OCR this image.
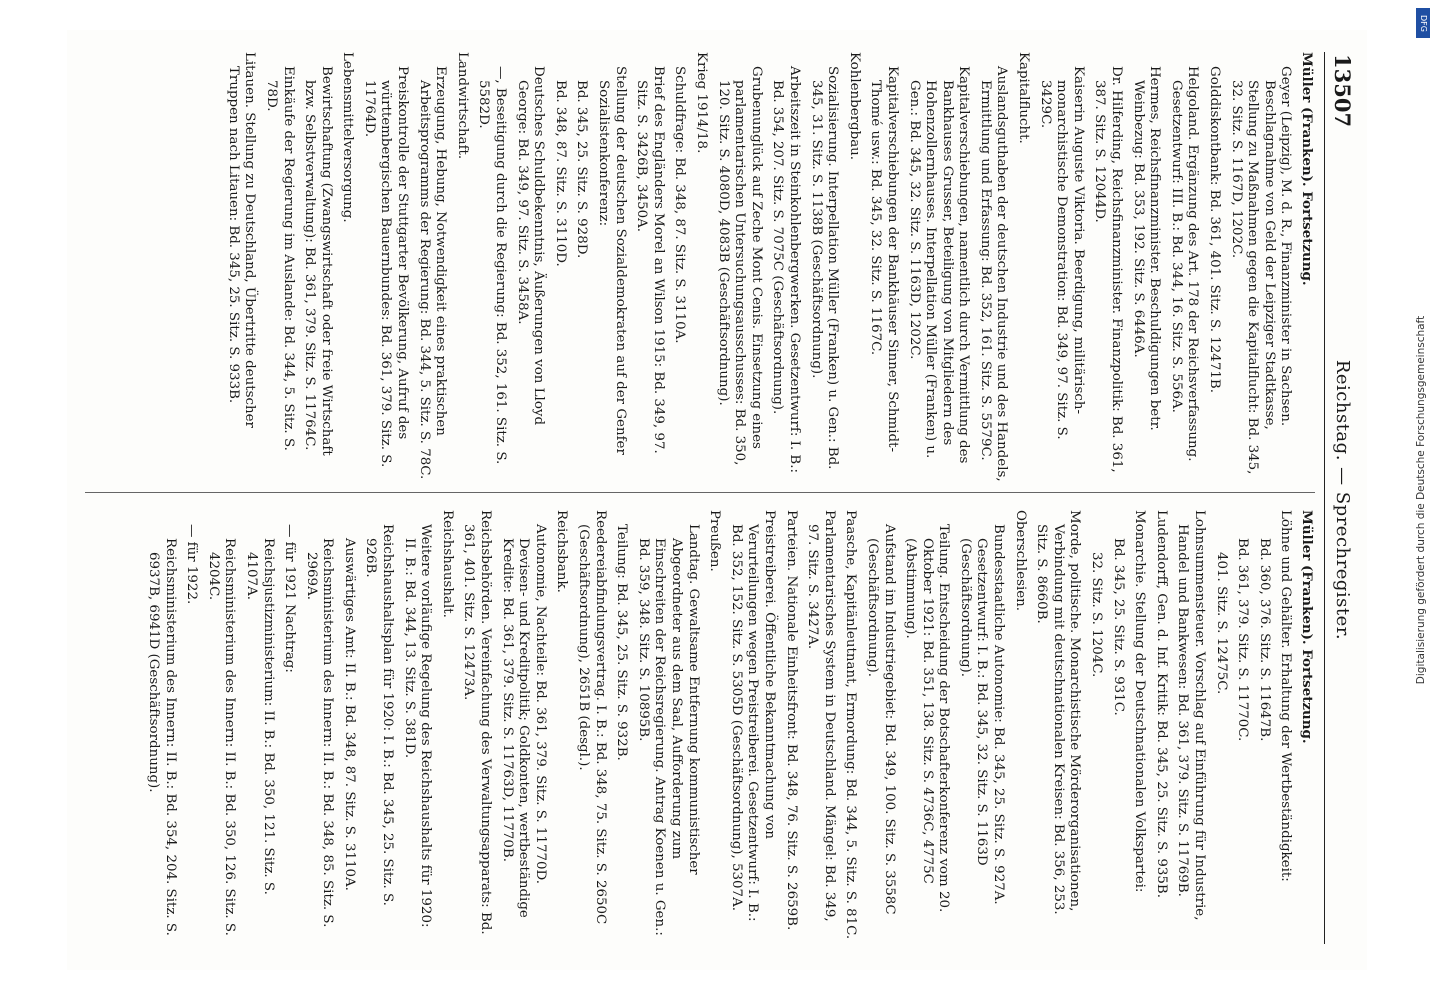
13507
Reichstag. — Sprechregister.
Müller (Franken). Fortsetzung.
Geyer (Leipzig), M. d. R., Finanzminister in Sachsen. Beschlagnahme von Geld der Leipziger Stadtkasse, Stellung zu Maßnahmen gegen die Kapitalflucht: Bd. 345, 32. Sitz. S. 1167D, 1202C.
Golddiskontbank: Bd. 361, 401. Sitz. S. 12471B.
Helgoland. Ergänzung des Art. 178 der Reichsverfassung. Gesetzentwurf: III. B.: Bd. 344, 16. Sitz. S. 556A.
Hermes, Reichsfinanzminister. Beschuldigungen betr. Weinbezug: Bd. 353, 192. Sitz. S. 6446A.
Dr. Hilferding, Reichsfinanzminister. Finanzpolitik: Bd. 361, 387. Sitz. S. 12044D.
Kaiserin Auguste Viktoria. Beerdigung, militärisch-monarchistische Demonstration: Bd. 349, 97. Sitz. S. 3429C.
Kapitalflucht.
Auslandsguthaben der deutschen Industrie und des Handels, Ermittlung und Erfassung: Bd. 352, 161. Sitz. S. 5579C.
Kapitalverschiebungen, namentlich durch Vermittlung des Bankhauses Grusser, Beteiligung von Mitgliedern des Hohenzollernhauses. Interpellation Müller (Franken) u. Gen.: Bd. 345, 32. Sitz. S. 1163D, 1202C.
Kapitalverschiebungen der Bankhäuser Sinner, Schmidt-Thomé usw.: Bd. 345, 32. Sitz. S. 1167C.
Kohlenbergbau.
Sozialisierung. Interpellation Müller (Franken) u. Gen.: Bd. 345, 31. Sitz. S. 1138B (Geschäftsordnung).
Arbeitszeit in Steinkohlenbergwerken. Gesetzentwurf: I. B.: Bd. 354, 207. Sitz. S. 7075C (Geschäftsordnung).
Grubenunglück auf Zeche Mont Cenis. Einsetzung eines parlamentarischen Untersuchungsausschusses: Bd. 350, 120. Sitz. S. 4080D, 4083B (Geschäftsordnung).
Krieg 1914/18.
Schuldfrage: Bd. 348, 87. Sitz. S. 3110A.
Brief des Engländers Morel an Wilson 1915: Bd. 349, 97. Sitz. S. 3426B, 3450A.
Stellung der deutschen Sozialdemokraten auf der Genfer Sozialistenkonferenz:
Bd. 345, 25. Sitz. S. 928D.
Bd. 348, 87. Sitz. S. 3110D.
Deutsches Schuldbekenntnis, Äußerungen von Lloyd George: Bd. 349, 97. Sitz. S. 3458A.
—, Beseitigung durch die Regierung: Bd. 352, 161. Sitz. S. 5582D.
Landwirtschaft.
Erzeugung, Hebung, Notwendigkeit eines praktischen Arbeitsprogramms der Regierung: Bd. 344, 5. Sitz. S. 78C.
Preiskontrolle der Stuttgarter Bevölkerung, Aufruf des württembergischen Bauernbundes: Bd. 361, 379. Sitz. S. 11764D.
Lebensmittelversorgung.
Bewirtschaftung (Zwangswirtschaft oder freie Wirtschaft bzw. Selbstverwaltung): Bd. 361, 379. Sitz. S. 11764C.
Einkäufe der Regierung im Auslande: Bd. 344, 5. Sitz. S. 78D.
Litauen. Stellung zu Deutschland, Übertritte deutscher Truppen nach Litauen: Bd. 345, 25. Sitz. S. 933B.
Müller (Franken). Fortsetzung.
Löhne und Gehälter. Erhaltung der Wertbeständigkeit:
Bd. 360, 376. Sitz. S. 11647B.
Bd. 361, 379. Sitz. S. 11770C.
401. Sitz. S. 12475C.
Lohnsummensteuer. Vorschlag auf Einführung für Industrie, Handel und Bankwesen: Bd. 361, 379. Sitz. S. 11769B.
Ludendorff, Gen. d. Inf. Kritik: Bd. 345, 25. Sitz. S. 935B.
Monarchie. Stellung der Deutschnationalen Volkspartei:
Bd. 345, 25. Sitz. S. 931C.
32. Sitz. S. 1204C.
Morde, politische. Monarchistische Mörderorganisationen, Verbindung mit deutschnationalen Kreisen: Bd. 356, 253. Sitz. S. 8660B.
Oberschlesien.
Bundesstaatliche Autonomie: Bd. 345, 25. Sitz. S. 927A. Gesetzentwurf: I. B.: Bd. 345, 32. Sitz. S. 1163D (Geschäftsordnung).
Teilung. Entscheidung der Botschafterkonferenz vom 20. Oktober 1921: Bd. 351, 138. Sitz. S. 4736C, 4775C (Abstimmung).
Aufstand im Industriegebiet: Bd. 349, 100. Sitz. S. 3558C (Geschäftsordnung).
Paasche, Kapitänleutnant, Ermordung: Bd. 344, 5. Sitz. S. 81C.
Parlamentarisches System in Deutschland. Mängel: Bd. 349, 97. Sitz. S. 3427A.
Parteien. Nationale Einheitsfront: Bd. 348, 76. Sitz. S. 2659B.
Preistreiberei. Öffentliche Bekanntmachung von Verurteilungen wegen Preistreiberei. Gesetzentwurf: I. B.: Bd. 352, 152. Sitz. S. 5305D (Geschäftsordnung), 5307A.
Preußen.
Landtag. Gewaltsame Entfernung kommunistischer Abgeordneter aus dem Saal, Aufforderung zum Einschreiten der Reichsregierung. Antrag Koenen u. Gen.: Bd. 359, 348. Sitz. S. 10895B.
Teilung: Bd. 345, 25. Sitz. S. 932B.
Reedereiabfindungsvertrag. I. B.: Bd. 348, 75. Sitz. S. 2650C (Geschäftsordnung), 2651B (desgl.).
Reichsbank.
Autonomie, Nachteile: Bd. 361, 379. Sitz. S. 11770D. Devisen- und Kreditpolitik; Goldkonten, wertbeständige Kredite: Bd. 361, 379. Sitz. S. 11763D, 11770B.
Reichsbehörden. Vereinfachung des Verwaltungsapparats: Bd. 361, 401. Sitz. S. 12473A.
Reichshaushalt.
Weitere vorläufige Regelung des Reichshaushalts für 1920: II. B.: Bd. 344, 13. Sitz. S. 381D.
Reichshaushaltsplan für 1920: I. B.: Bd. 345, 25. Sitz. S. 926B.
Auswärtiges Amt: II. B.: Bd. 348, 87. Sitz. S. 3110A.
Reichsministerium des Innern: II. B.: Bd. 348, 85. Sitz. S. 2969A.
— für 1921 Nachtrag:
Reichsjustizministerium: II. B.: Bd. 350, 121. Sitz. S. 4107A.
Reichsministerium des Innern: II. B.: Bd. 350, 126. Sitz. S. 4204C.
— für 1922.
Reichsministerium des Innern: II. B.: Bd. 354, 204. Sitz. S. 6937B, 6941D (Geschäftsordnung).	Digitalisierung gefördert durch die Deutsche Forschungsgemeinschaft
DFG
